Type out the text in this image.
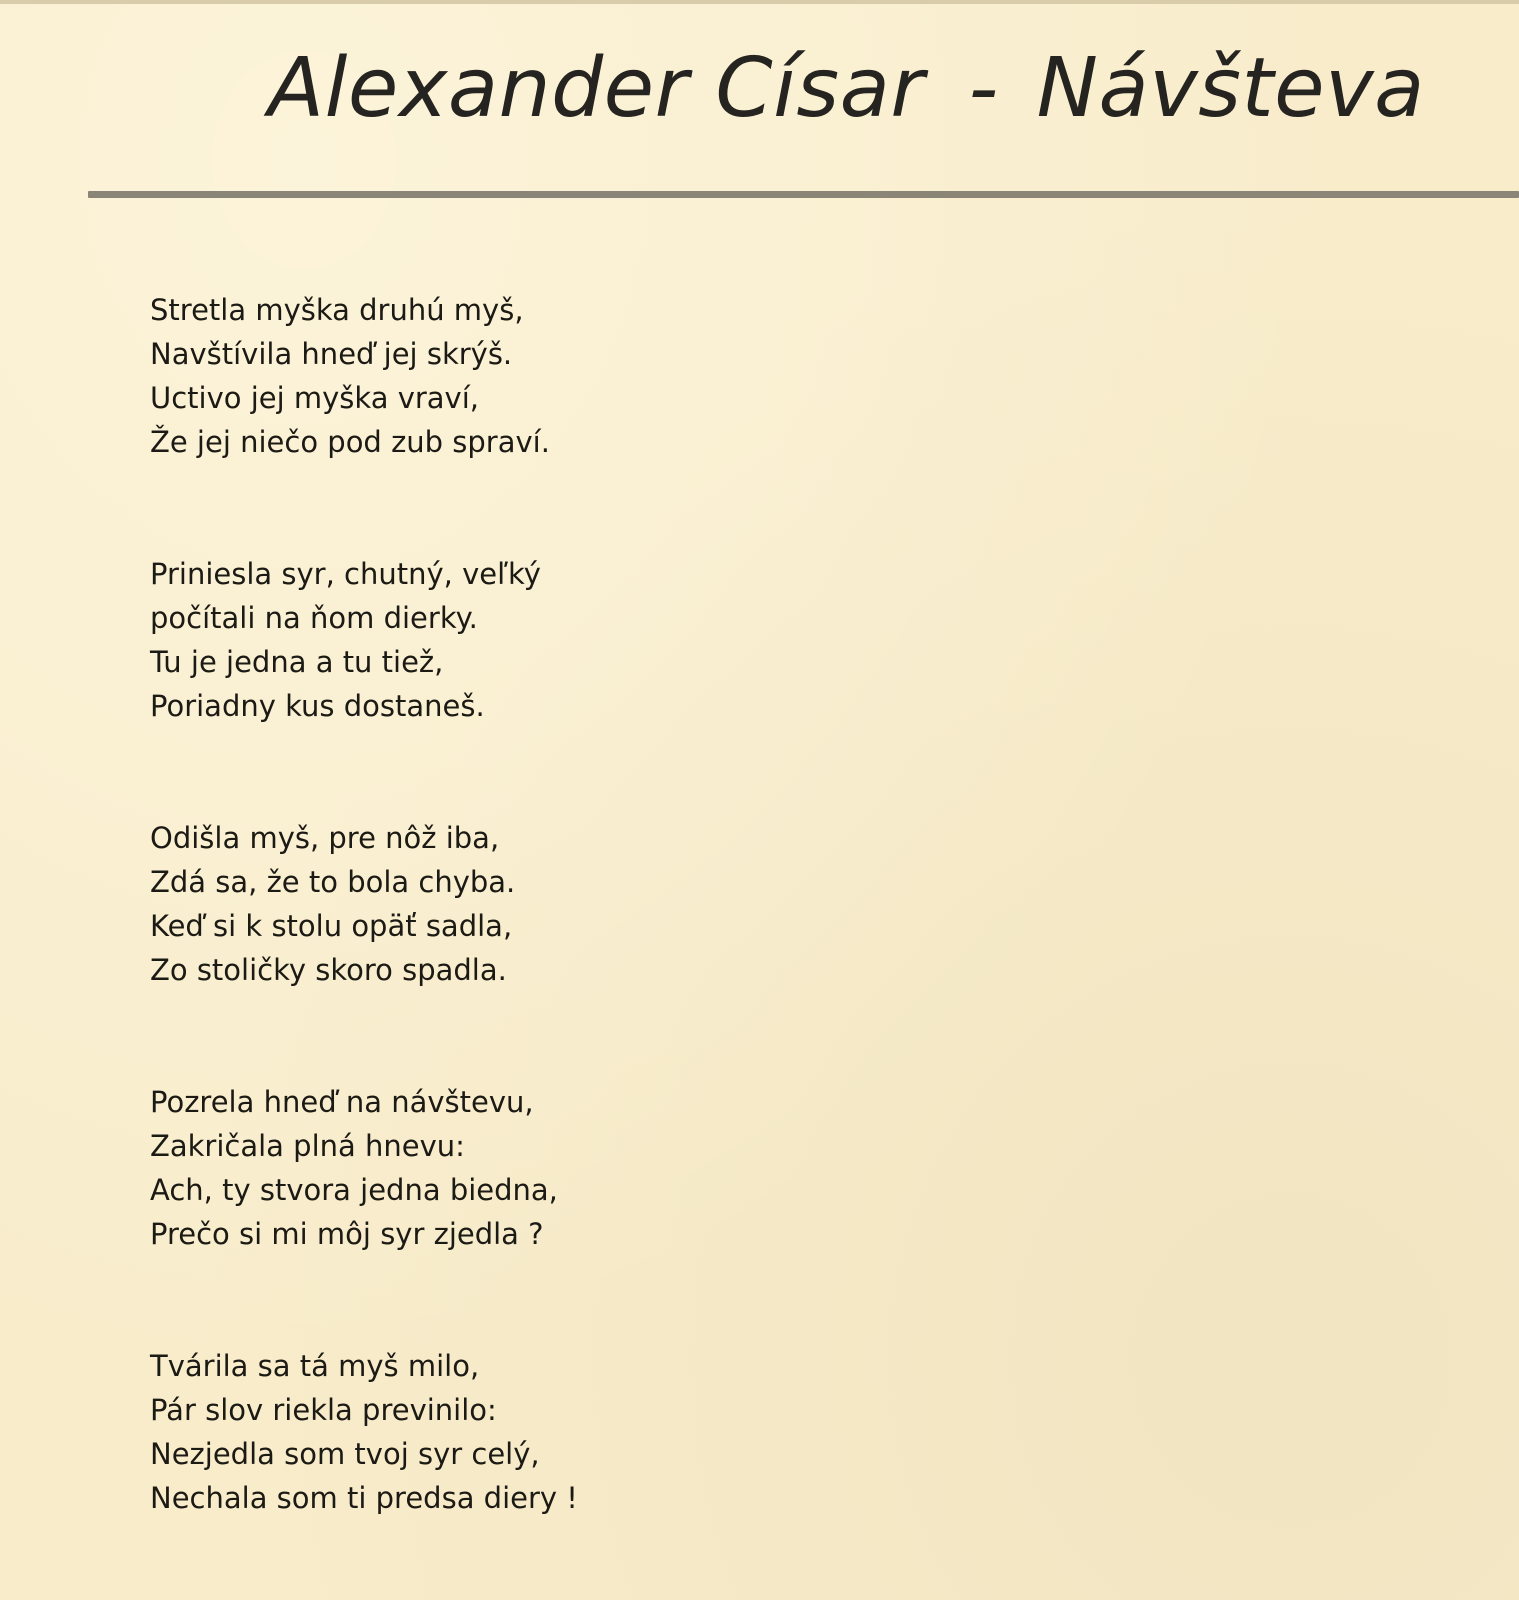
Alexander Císar - Návšteva
Stretla myška druhú myš,
Navštívila hneď jej skrýš.
Uctivo jej myška vraví,
Že jej niečo pod zub spraví.
Priniesla syr, chutný, veľký
počítali na ňom dierky.
Tu je jedna a tu tiež,
Poriadny kus dostaneš.
Odišla myš, pre nôž iba,
Zdá sa, že to bola chyba.
Keď si k stolu opäť sadla,
Zo stoličky skoro spadla.
Pozrela hneď na návštevu,
Zakričala plná hnevu:
Ach, ty stvora jedna biedna,
Prečo si mi môj syr zjedla ?
Tvárila sa tá myš milo,
Pár slov riekla previnilo:
Nezjedla som tvoj syr celý,
Nechala som ti predsa diery !
